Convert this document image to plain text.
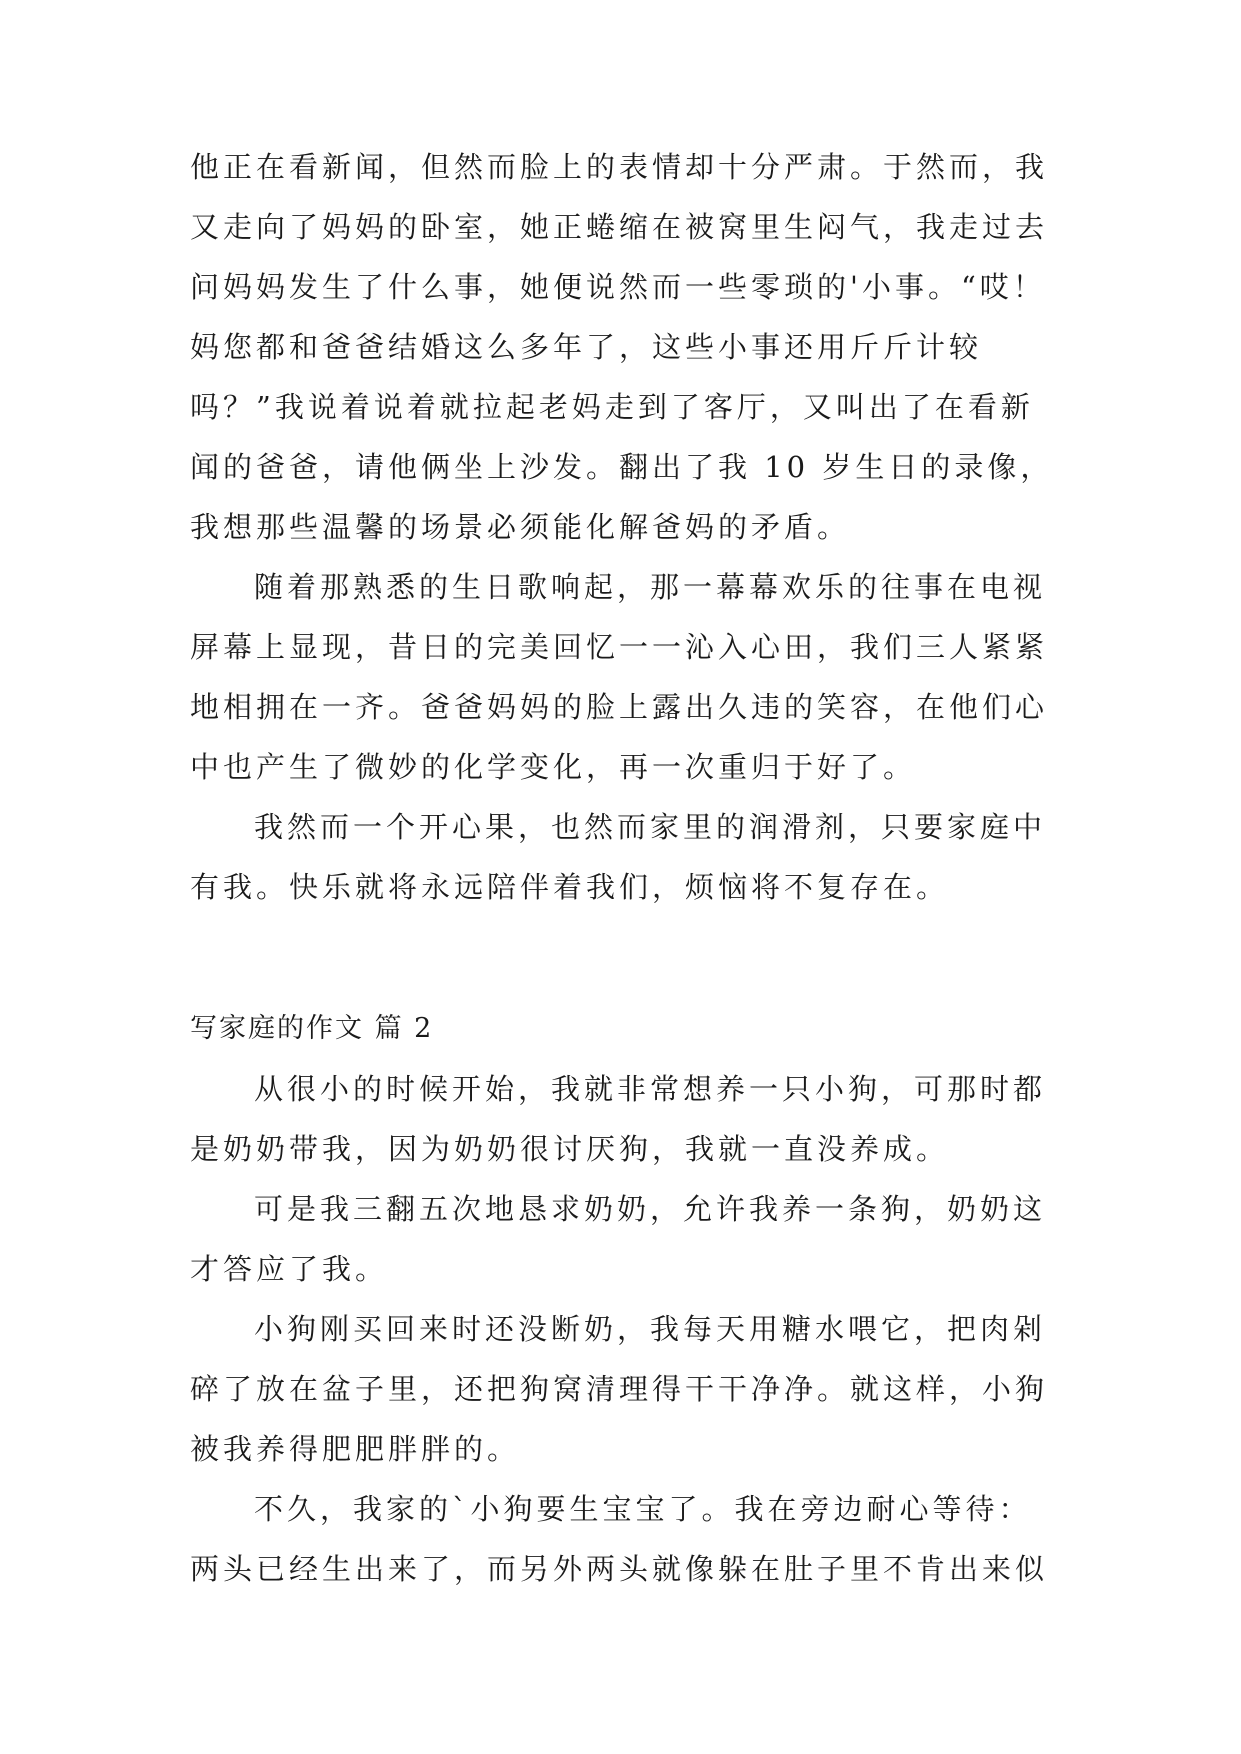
他正在看新闻，但然而脸上的表情却十分严肃。于然而，我
又走向了妈妈的卧室，她正蜷缩在被窝里生闷气，我走过去
问妈妈发生了什么事，她便说然而一些零琐的'小事。“哎！
妈您都和爸爸结婚这么多年了，这些小事还用斤斤计较
吗？”我说着说着就拉起老妈走到了客厅，又叫出了在看新
闻的爸爸，请他俩坐上沙发。翻出了我 10 岁生日的录像，
我想那些温馨的场景必须能化解爸妈的矛盾。
随着那熟悉的生日歌响起，那一幕幕欢乐的往事在电视
屏幕上显现，昔日的完美回忆一一沁入心田，我们三人紧紧
地相拥在一齐。爸爸妈妈的脸上露出久违的笑容，在他们心
中也产生了微妙的化学变化，再一次重归于好了。
我然而一个开心果，也然而家里的润滑剂，只要家庭中
有我。快乐就将永远陪伴着我们，烦恼将不复存在。
写家庭的作文 篇 2
从很小的时候开始，我就非常想养一只小狗，可那时都
是奶奶带我，因为奶奶很讨厌狗，我就一直没养成。
可是我三翻五次地恳求奶奶，允许我养一条狗，奶奶这
才答应了我。
小狗刚买回来时还没断奶，我每天用糖水喂它，把肉剁
碎了放在盆子里，还把狗窝清理得干干净净。就这样，小狗
被我养得肥肥胖胖的。
不久，我家的`小狗要生宝宝了。我在旁边耐心等待：
两头已经生出来了，而另外两头就像躲在肚子里不肯出来似
